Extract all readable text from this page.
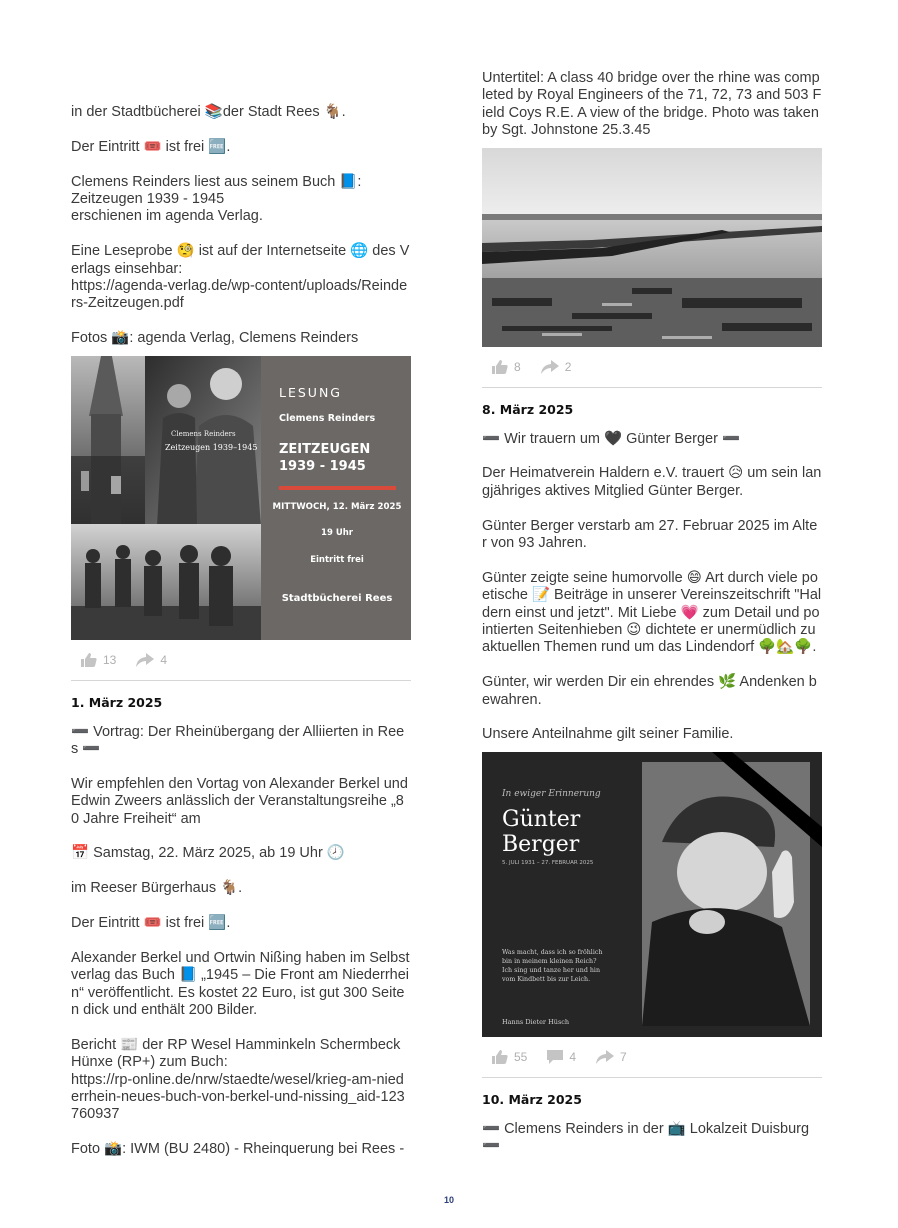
in der Stadtbücherei 📚der Stadt Rees 🐐.

Der Eintritt 🎟️ ist frei 🆓.

Clemens Reinders liest aus seinem Buch 📘:
Zeitzeugen 1939 - 1945
erschienen im agenda Verlag.

Eine Leseprobe 🧐 ist auf der Internetseite 🌐 des Verlags einsehbar:
https://agenda-verlag.de/wp-content/uploads/Reinders-Zeitzeugen.pdf

Fotos 📸: agenda Verlag, Clemens Reinders

Clemens Reinders
Zeitzeugen 1939–1945
LESUNG
Clemens Reinders
ZEITZEUGEN
1939 - 1945
MITTWOCH, 12. März 2025
19 Uhr
Eintritt frei
Stadtbücherei Rees
13	4
1. März 2025

➖ Vortrag: Der Rheinübergang der Alliierten in Rees ➖

Wir empfehlen den Vortag von Alexander Berkel und Edwin Zweers anlässlich der Veranstaltungsreihe „80 Jahre Freiheit“ am

📅 Samstag, 22. März 2025, ab 19 Uhr 🕗

im Reeser Bürgerhaus 🐐.

Der Eintritt 🎟️ ist frei 🆓.

Alexander Berkel und Ortwin Nißing haben im Selbstverlag das Buch 📘 „1945 – Die Front am Niederrhein“ veröffentlicht. Es kostet 22 Euro, ist gut 300 Seiten dick und enthält 200 Bilder.

Bericht 📰 der RP Wesel Hamminkeln Schermbeck Hünxe (RP+) zum Buch:
https://rp-online.de/nrw/staedte/wesel/krieg-am-niederrhein-neues-buch-von-berkel-und-nissing_aid-123760937

Foto 📸: IWM (BU 2480) - Rheinquerung bei Rees -

Untertitel: A class 40 bridge over the rhine was completed by Royal Engineers of the 71, 72, 73 and 503 Field Coys R.E. A view of the bridge. Photo was taken by Sgt. Johnstone 25.3.45

8	2
8. März 2025

➖ Wir trauern um 🖤 Günter Berger ➖

Der Heimatverein Haldern e.V. trauert 😥 um sein langjähriges aktives Mitglied Günter Berger.

Günter Berger verstarb am 27. Februar 2025 im Alter von 93 Jahren.

Günter zeigte seine humorvolle 😄 Art durch viele poetische 📝 Beiträge in unserer Vereinszeitschrift "Haldern einst und jetzt". Mit Liebe 💗 zum Detail und pointierten Seitenhieben 😉 dichtete er unermüdlich zu aktuellen Themen rund um das Lindendorf 🌳🏡🌳.

Günter, wir werden Dir ein ehrendes 🌿 Andenken bewahren.

Unsere Anteilnahme gilt seiner Familie.

In ewiger Erinnerung
Günter
Berger
5. JULI 1931 – 27. FEBRUAR 2025
Was macht, dass ich so fröhlich bin in meinem kleinen Reich?
Ich sing und tanze her und hin vom Kindbett bis zur Leich.
Hanns Dieter Hüsch
55	4	7
10. März 2025

➖ Clemens Reinders in der 📺 Lokalzeit Duisburg ➖

10
